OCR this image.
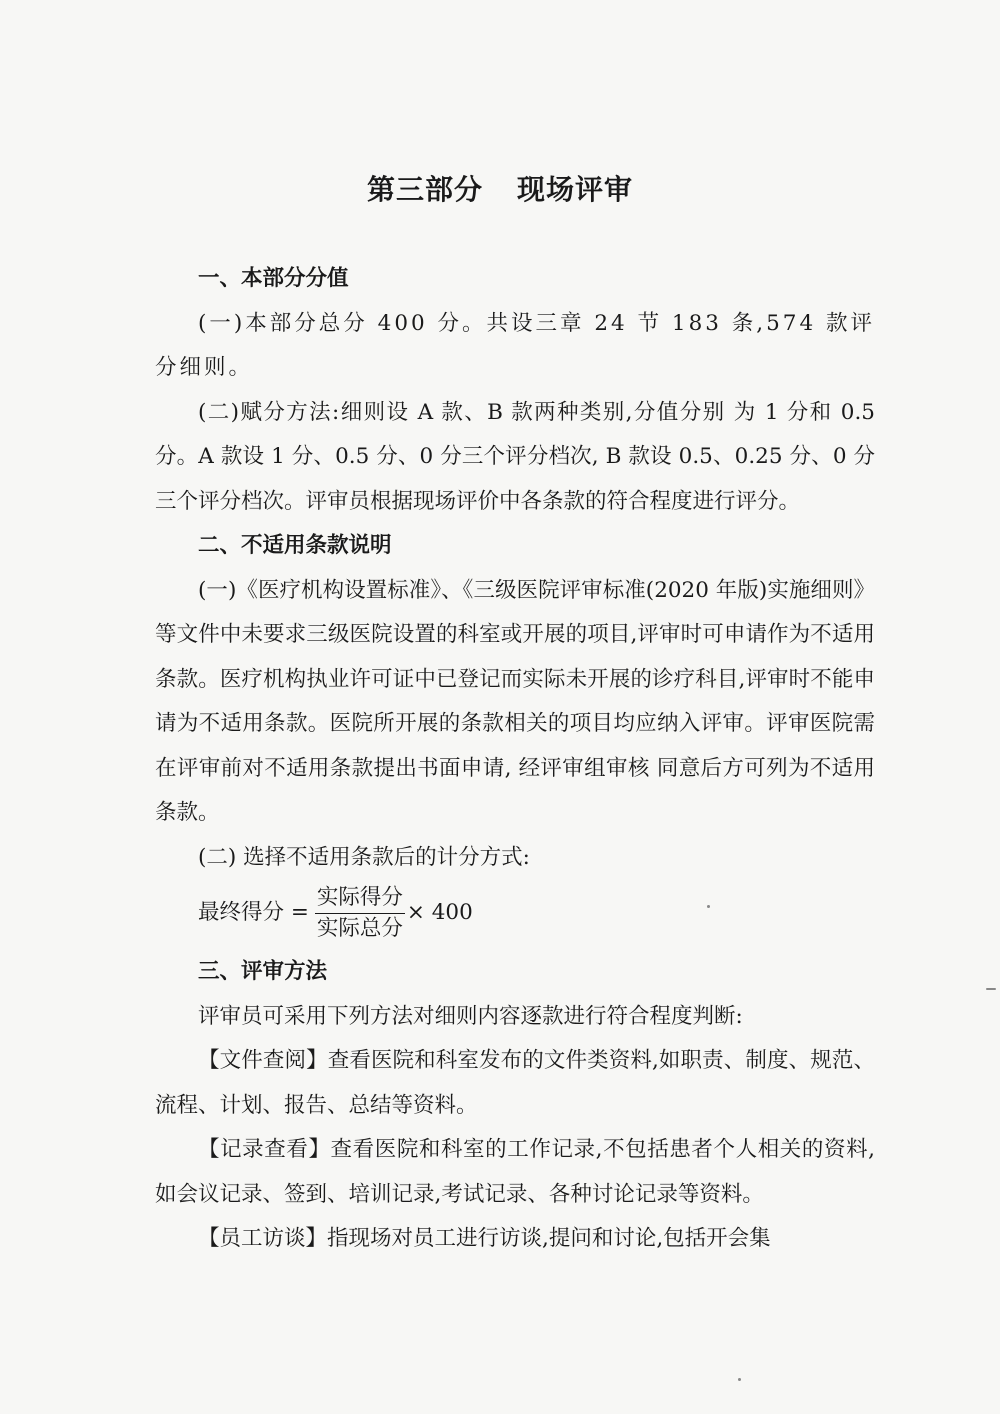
第三部分 现场评审
一、本部分分值

(一)本部分总分 400 分。共设三章 24 节 183 条,574 款评分细则。

(二)赋分方法:细则设 A 款、B 款两种类别,分值分别 为 1 分和 0.5 分。A 款设 1 分、0.5 分、0 分三个评分档次, B 款设 0.5、0.25 分、0 分三个评分档次。评审员根据现场评价中各条款的符合程度进行评分。

二、不适用条款说明

(一)《医疗机构设置标准》、《三级医院评审标准(2020 年版)实施细则》等文件中未要求三级医院设置的科室或开展的项目,评审时可申请作为不适用条款。医疗机构执业许可证中已登记而实际未开展的诊疗科目,评审时不能申请为不适用条款。医院所开展的条款相关的项目均应纳入评审。评审医院需在评审前对不适用条款提出书面申请, 经评审组审核 同意后方可列为不适用条款。

(二) 选择不适用条款后的计分方式:

最终得分 = $\frac{\text{实际得分}}{\text{实际总分}} \times 400$
三、评审方法

评审员可采用下列方法对细则内容逐款进行符合程度判断:

【文件查阅】查看医院和科室发布的文件类资料,如职责、制度、规范、流程、计划、报告、总结等资料。

【记录查看】查看医院和科室的工作记录,不包括患者个人相关的资料,如会议记录、签到、培训记录,考试记录、各种讨论记录等资料。

【员工访谈】指现场对员工进行访谈,提问和讨论,包括开会集
